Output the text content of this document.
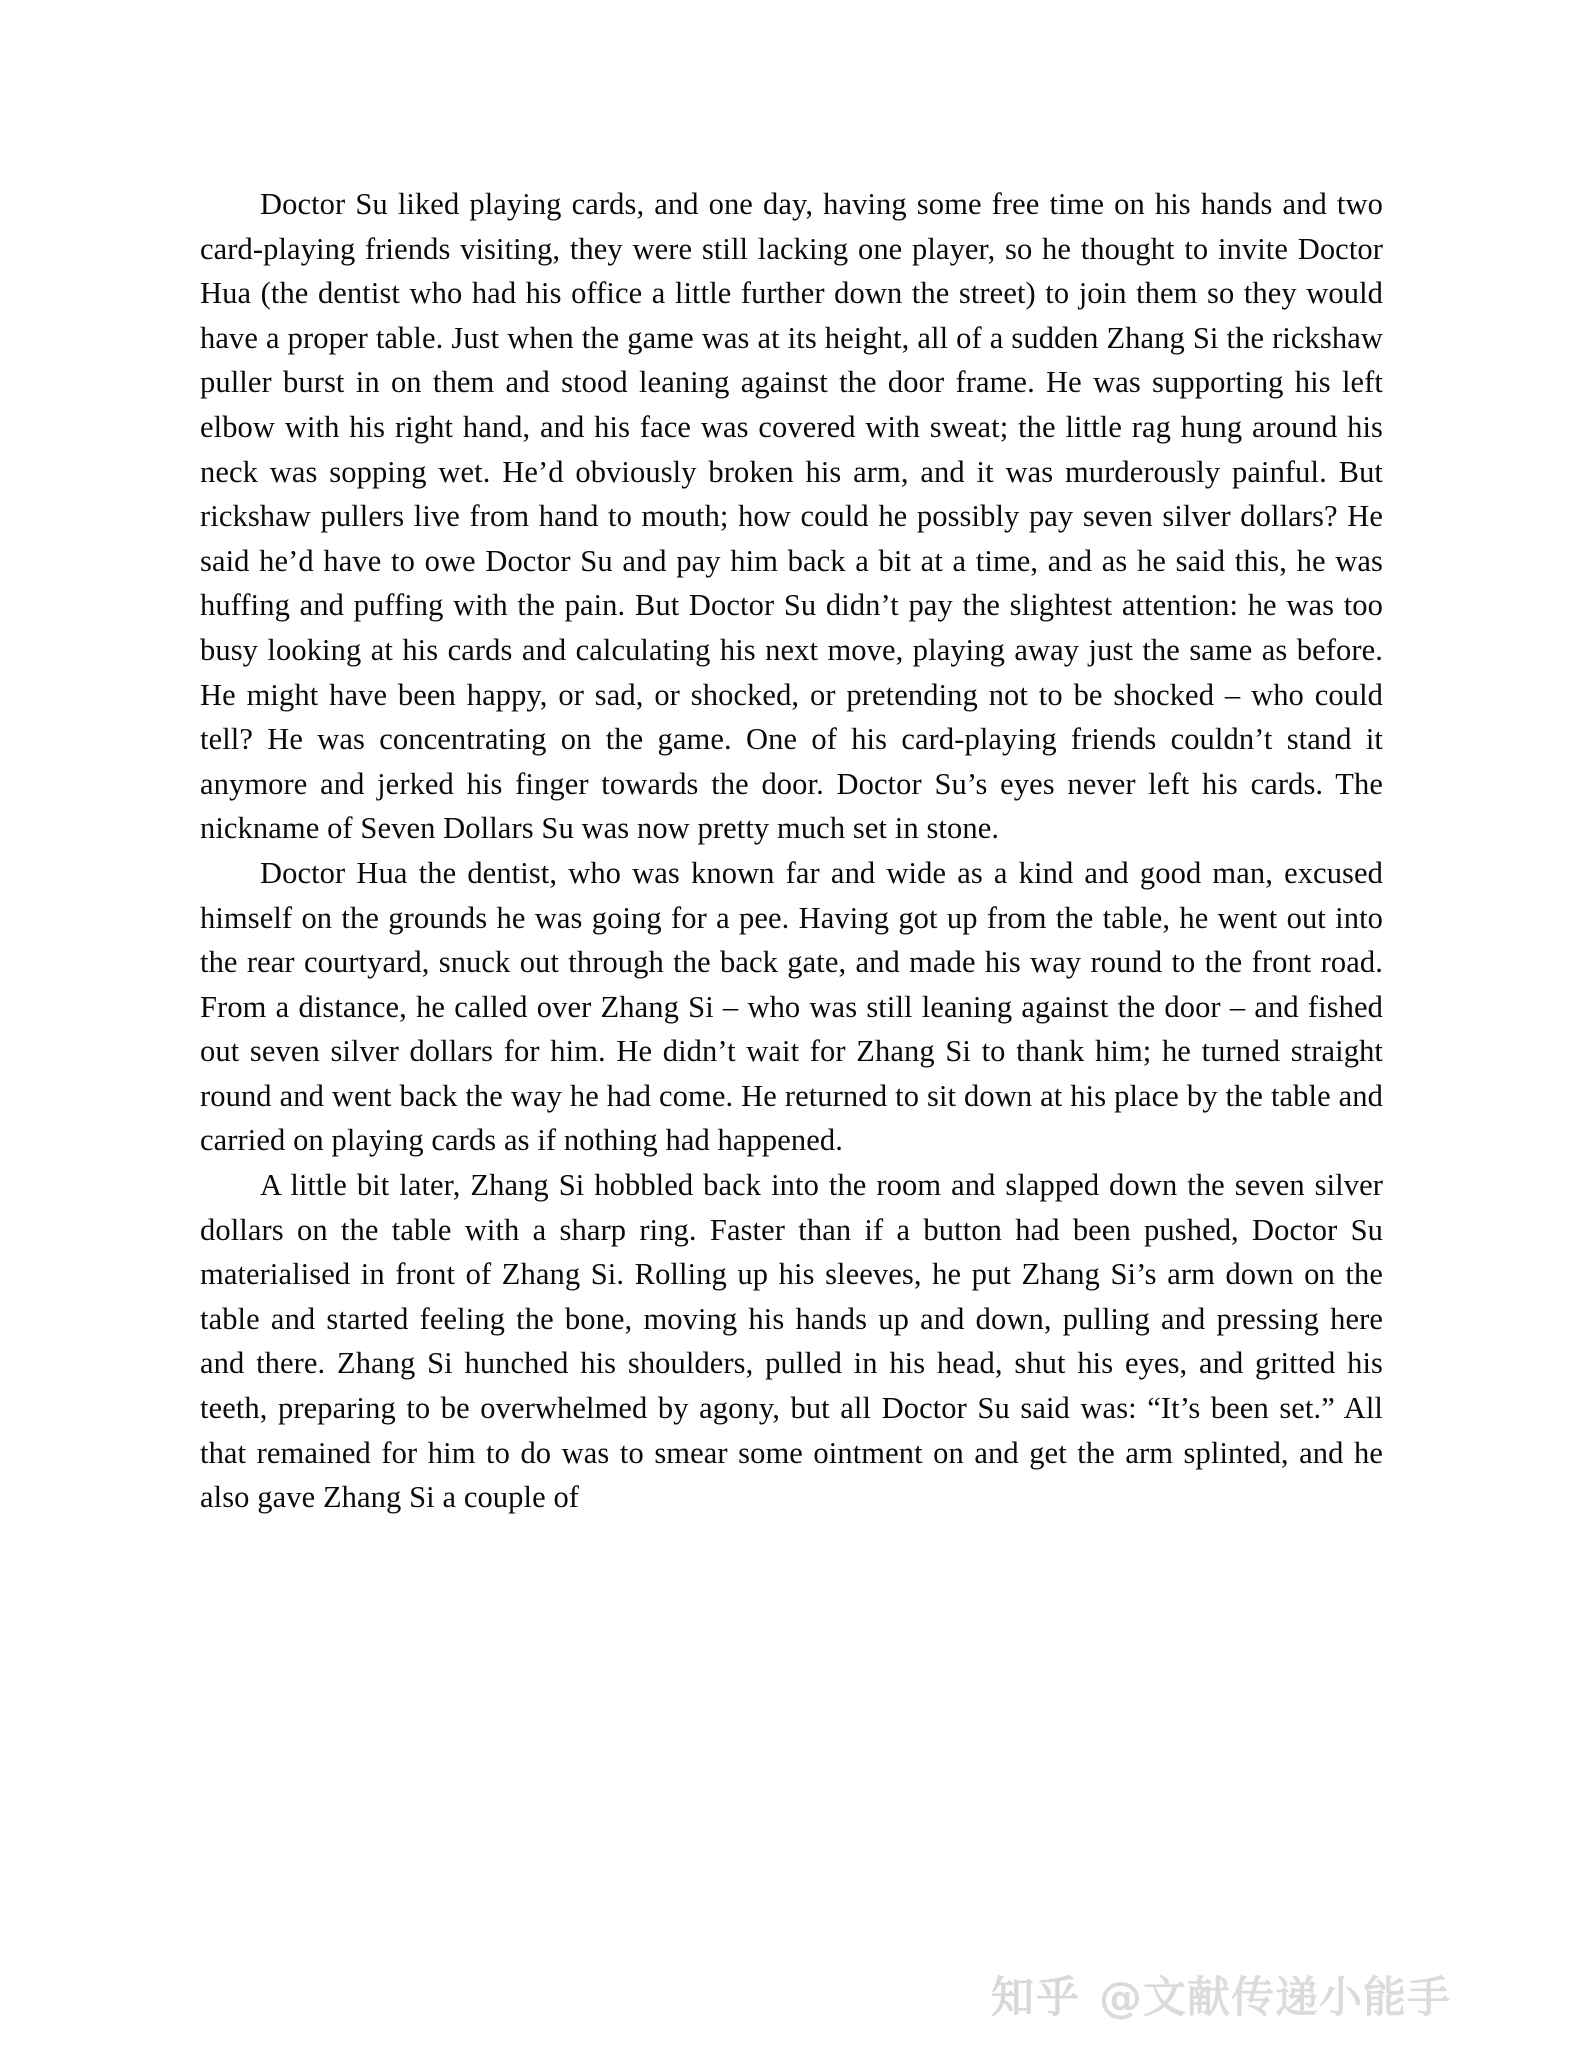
Doctor Su liked playing cards, and one day, having some free time on his hands and two card-playing friends visiting, they were still lacking one player, so he thought to invite Doctor Hua (the dentist who had his office a little further down the street) to join them so they would have a proper table. Just when the game was at its height, all of a sudden Zhang Si the rickshaw puller burst in on them and stood leaning against the door frame. He was supporting his left elbow with his right hand, and his face was covered with sweat; the little rag hung around his neck was sopping wet. He’d obviously broken his arm, and it was murderously painful. But rickshaw pullers live from hand to mouth; how could he possibly pay seven silver dollars? He said he’d have to owe Doctor Su and pay him back a bit at a time, and as he said this, he was huffing and puffing with the pain. But Doctor Su didn’t pay the slightest attention: he was too busy looking at his cards and calculating his next move, playing away just the same as before. He might have been happy, or sad, or shocked, or pretending not to be shocked – who could tell? He was concentrating on the game. One of his card-playing friends couldn’t stand it anymore and jerked his finger towards the door. Doctor Su’s eyes never left his cards. The nickname of Seven Dollars Su was now pretty much set in stone.

Doctor Hua the dentist, who was known far and wide as a kind and good man, excused himself on the grounds he was going for a pee. Having got up from the table, he went out into the rear courtyard, snuck out through the back gate, and made his way round to the front road. From a distance, he called over Zhang Si – who was still leaning against the door – and fished out seven silver dollars for him. He didn’t wait for Zhang Si to thank him; he turned straight round and went back the way he had come. He returned to sit down at his place by the table and carried on playing cards as if nothing had happened.

A little bit later, Zhang Si hobbled back into the room and slapped down the seven silver dollars on the table with a sharp ring. Faster than if a button had been pushed, Doctor Su materialised in front of Zhang Si. Rolling up his sleeves, he put Zhang Si’s arm down on the table and started feeling the bone, moving his hands up and down, pulling and pressing here and there. Zhang Si hunched his shoulders, pulled in his head, shut his eyes, and gritted his teeth, preparing to be overwhelmed by agony, but all Doctor Su said was: “It’s been set.” All that remained for him to do was to smear some ointment on and get the arm splinted, and he also gave Zhang Si a couple of

知乎 @文献传递小能手
